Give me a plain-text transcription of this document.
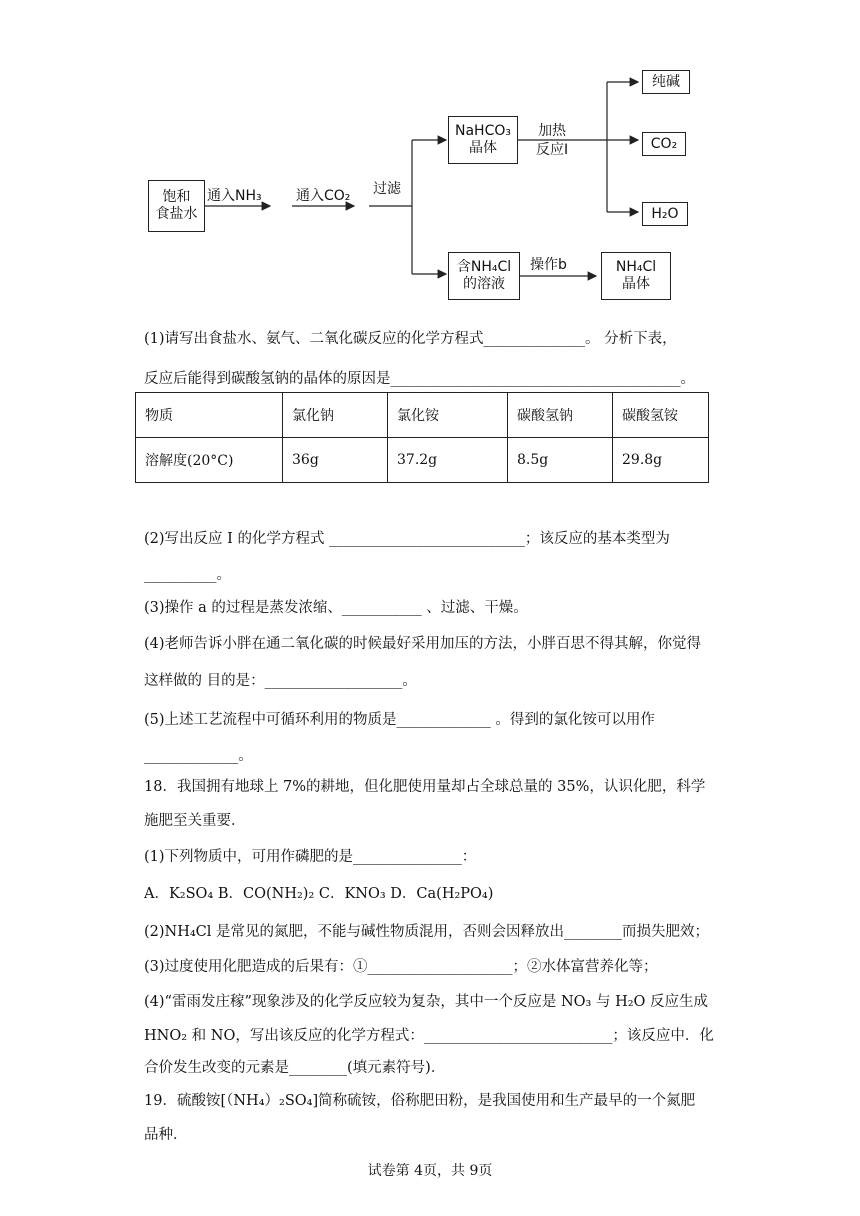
饱和
食盐水
通入NH₃ 通入CO₂ 过滤
NaHCO₃
晶体
加热
反应Ⅰ
纯碱
CO₂
H₂O
含NH₄Cl
的溶液
操作b	NH₄Cl
晶体
(1)请写出食盐水、氨气、二氧化碳反应的化学方程式______________。 分析下表，
反应后能得到碳酸氢钠的晶体的原因是________________________________________。
物质	氯化钠	氯化铵	碳酸氢钠	碳酸氢铵
溶解度(20°C)	36g	37.2g	8.5g	29.8g
(2)写出反应 I 的化学方程式 ___________________________；该反应的基本类型为
__________。
(3)操作 a 的过程是蒸发浓缩、___________ 、过滤、干燥。
(4)老师告诉小胖在通二氧化碳的时候最好采用加压的方法，小胖百思不得其解，你觉得
这样做的 目的是：___________________。
(5)上述工艺流程中可循环利用的物质是_____________ 。得到的氯化铵可以用作
_____________。
18．我国拥有地球上 7%的耕地，但化肥使用量却占全球总量的 35%，认识化肥，科学
施肥至关重要．
(1)下列物质中，可用作磷肥的是_______________：
A．K₂SO₄ B．CO(NH₂)₂ C．KNO₃ D．Ca(H₂PO₄)
(2)NH₄Cl 是常见的氮肥，不能与碱性物质混用，否则会因释放出________而损失肥效；
(3)过度使用化肥造成的后果有：①____________________；②水体富营养化等；
(4)“雷雨发庄稼”现象涉及的化学反应较为复杂，其中一个反应是 NO₃ 与 H₂O 反应生成
HNO₂ 和 NO，写出该反应的化学方程式：__________________________；该反应中．化
合价发生改变的元素是________(填元素符号)．
19．硫酸铵[（NH₄）₂SO₄]简称硫铵，俗称肥田粉，是我国使用和生产最早的一个氮肥
品种．
试卷第 4页，共 9页
